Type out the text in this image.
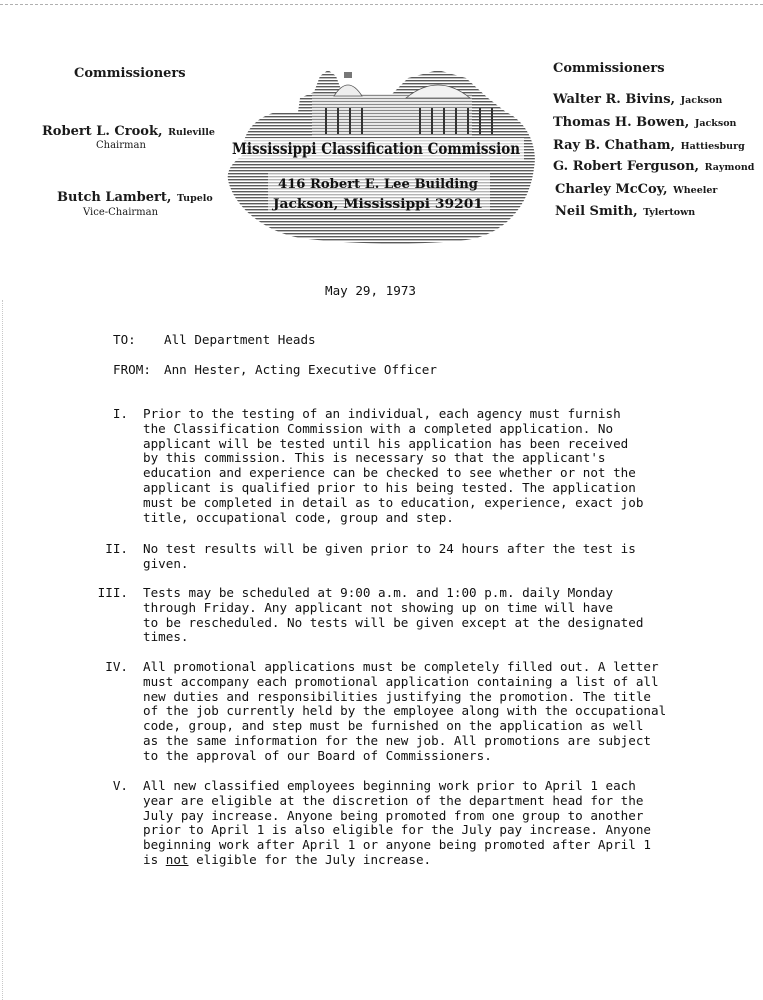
Commissioners
Robert L. Crook, Ruleville
Chairman
Butch Lambert, Tupelo
Vice-Chairman
Mississippi Classification Commission
416 Robert E. Lee Building
Jackson, Mississippi 39201
Commissioners
Walter R. Bivins, Jackson
Thomas H. Bowen, Jackson
Ray B. Chatham, Hattiesburg
G. Robert Ferguson, Raymond
Charley McCoy, Wheeler
Neil Smith, Tylertown
May 29, 1973
TO: All Department Heads
FROM: Ann Hester, Acting Executive Officer
I. Prior to the testing of an individual, each agency must furnish
the Classification Commission with a completed application. No
applicant will be tested until his application has been received
by this commission. This is necessary so that the applicant's
education and experience can be checked to see whether or not the
applicant is qualified prior to his being tested. The application
must be completed in detail as to education, experience, exact job
title, occupational code, group and step.
II. No test results will be given prior to 24 hours after the test is
given.
III. Tests may be scheduled at 9:00 a.m. and 1:00 p.m. daily Monday
through Friday. Any applicant not showing up on time will have
to be rescheduled. No tests will be given except at the designated
times.
IV. All promotional applications must be completely filled out. A letter
must accompany each promotional application containing a list of all
new duties and responsibilities justifying the promotion. The title
of the job currently held by the employee along with the occupational
code, group, and step must be furnished on the application as well
as the same information for the new job. All promotions are subject
to the approval of our Board of Commissioners.
V. All new classified employees beginning work prior to April 1 each
year are eligible at the discretion of the department head for the
July pay increase. Anyone being promoted from one group to another
prior to April 1 is also eligible for the July pay increase. Anyone
beginning work after April 1 or anyone being promoted after April 1
is not eligible for the July increase.
